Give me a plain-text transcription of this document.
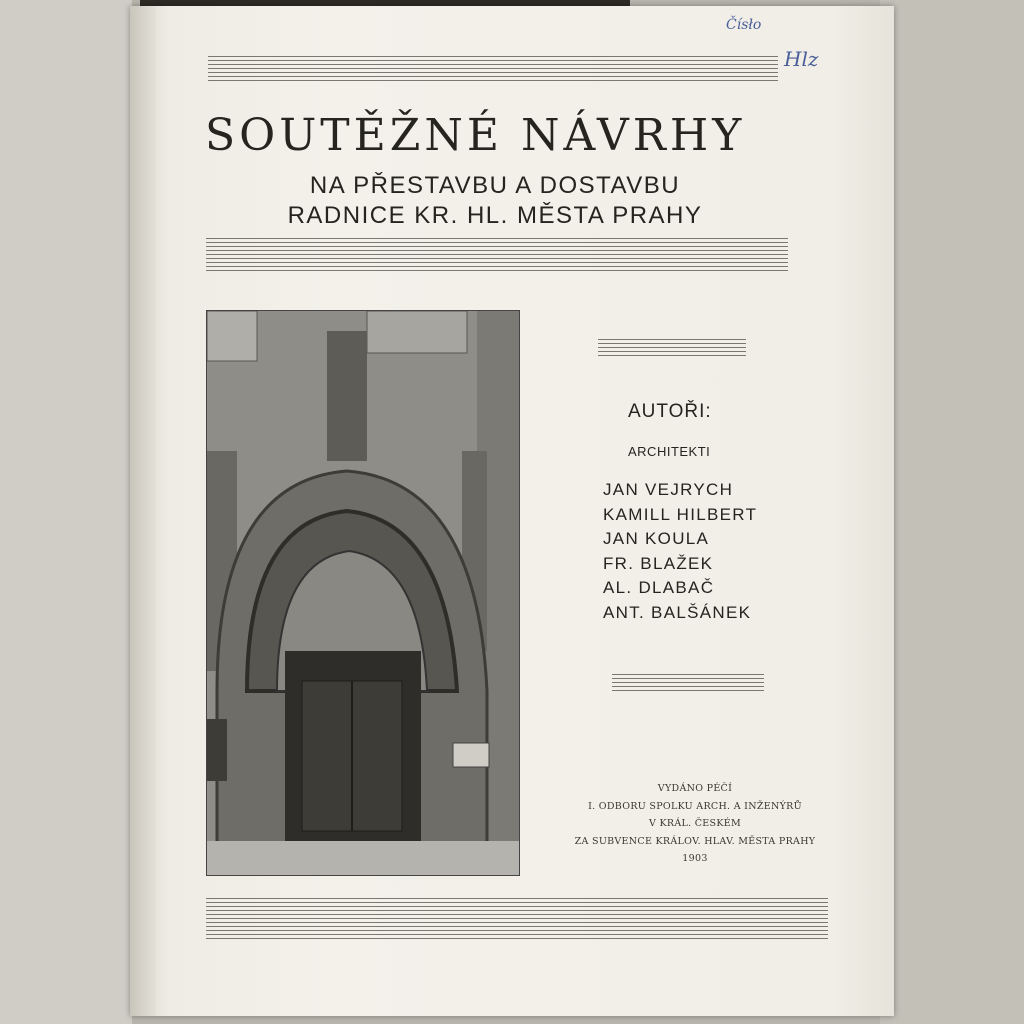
Čísło
Hlz
SOUTĚŽNÉ NÁVRHY
NA PŘESTAVBU A DOSTAVBU
RADNICE KR. HL. MĚSTA PRAHY
AUTOŘI:
ARCHITEKTI
JAN VEJRYCH
KAMILL HILBERT
JAN KOULA
FR. BLAŽEK
AL. DLABAČ
ANT. BALŠÁNEK
VYDÁNO PÉČÍ
I. ODBORU SPOLKU ARCH. A INŽENÝRŮ
V KRÁL. ČESKÉM
ZA SUBVENCE KRÁLOV. HLAV. MĚSTA PRAHY
1903
